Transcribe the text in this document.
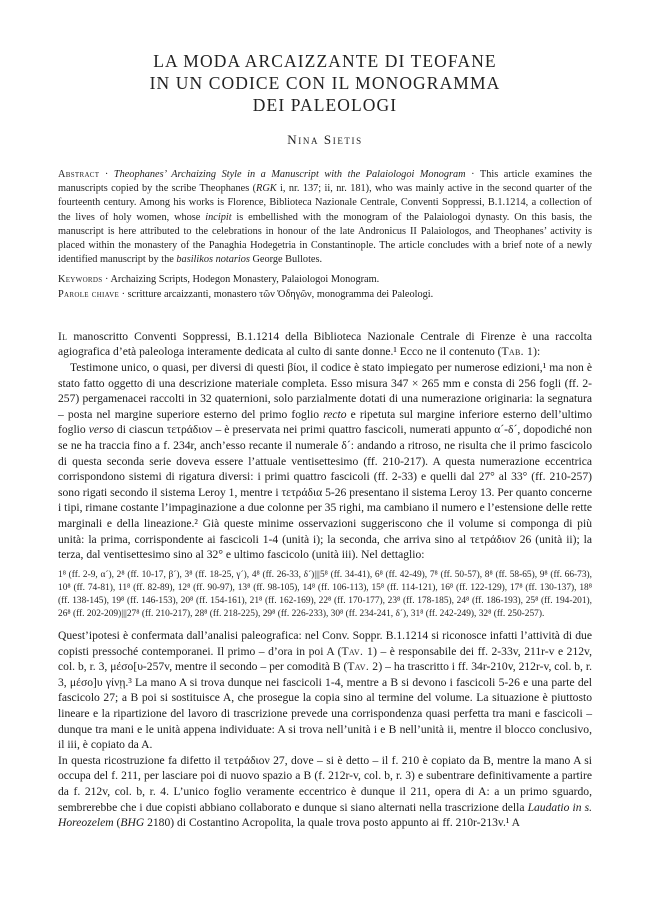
LA MODA ARCAIZZANTE DI TEOFANE
IN UN CODICE CON IL MONOGRAMMA
DEI PALEOLOGI
Nina Sietis

Abstract · Theophanes’ Archaizing Style in a Manuscript with the Palaiologoi Monogram · This article examines the manuscripts copied by the scribe Theophanes (RGK i, nr. 137; ii, nr. 181), who was mainly active in the second quarter of the fourteenth century. Among his works is Florence, Biblioteca Nazionale Centrale, Conventi Soppressi, B.1.1214, a collection of the lives of holy women, whose incipit is embellished with the monogram of the Palaiologoi dynasty. On this basis, the manuscript is here attributed to the celebrations in honour of the late Andronicus II Palaiologos, and Theophanes’ activity is placed within the monastery of the Panaghia Hodegetria in Constantinople. The article concludes with a brief note of a newly identified manuscript by the basilikos notarios George Bullotes.

Keywords · Archaizing Scripts, Hodegon Monastery, Palaiologoi Monogram.

Parole chiave · scritture arcaizzanti, monastero τῶν Ὁδηγῶν, monogramma dei Paleologi.

Il manoscritto Conventi Soppressi, B.1.1214 della Biblioteca Nazionale Centrale di Firenze è una raccolta agiografica d’età paleologa interamente dedicata al culto di sante donne.¹ Ecco ne il contenuto (Tab. 1):

Testimone unico, o quasi, per diversi di questi βίοι, il codice è stato impiegato per numerose edizioni,¹ ma non è stato fatto oggetto di una descrizione materiale completa. Esso misura 347 × 265 mm e consta di 256 fogli (ff. 2-257) pergamenacei raccolti in 32 quaternioni, solo parzialmente dotati di una numerazione originaria: la segnatura – posta nel margine superiore esterno del primo foglio recto e ripetuta sul margine inferiore esterno dell’ultimo foglio verso di ciascun τετράδιον – è preservata nei primi quattro fascicoli, numerati appunto α´-δ´, dopodiché non se ne ha traccia fino a f. 234r, anch’esso recante il numerale δ´: andando a ritroso, ne risulta che il primo fascicolo di questa seconda serie doveva essere l’attuale ventisettesimo (ff. 210-217). A questa numerazione eccentrica corrispondono sistemi di rigatura diversi: i primi quattro fascicoli (ff. 2-33) e quelli dal 27° al 33° (ff. 210-257) sono rigati secondo il sistema Leroy 1, mentre i τετράδια 5-26 presentano il sistema Leroy 13. Per quanto concerne i tipi, rimane costante l’impaginazione a due colonne per 35 righi, ma cambiano il numero e l’estensione delle rette marginali e della lineazione.² Già queste minime osservazioni suggeriscono che il volume si componga di più unità: la prima, corrispondente ai fascicoli 1-4 (unità i); la seconda, che arriva sino al τετράδιον 26 (unità ii); la terza, dal ventisettesimo sino al 32° e ultimo fascicolo (unità iii). Nel dettaglio:

1⁸ (ff. 2-9, α´), 2⁸ (ff. 10-17, β´), 3⁸ (ff. 18-25, γ´), 4⁸ (ff. 26-33, δ´)|||5⁸ (ff. 34-41), 6⁸ (ff. 42-49), 7⁸ (ff. 50-57), 8⁸ (ff. 58-65), 9⁸ (ff. 66-73), 10⁸ (ff. 74-81), 11⁸ (ff. 82-89), 12⁸ (ff. 90-97), 13⁸ (ff. 98-105), 14⁸ (ff. 106-113), 15⁸ (ff. 114-121), 16⁸ (ff. 122-129), 17⁸ (ff. 130-137), 18⁸ (ff. 138-145), 19⁸ (ff. 146-153), 20⁸ (ff. 154-161), 21⁸ (ff. 162-169), 22⁸ (ff. 170-177), 23⁸ (ff. 178-185), 24⁸ (ff. 186-193), 25⁸ (ff. 194-201), 26⁸ (ff. 202-209)|||27⁸ (ff. 210-217), 28⁸ (ff. 218-225), 29⁸ (ff. 226-233), 30⁸ (ff. 234-241, δ´), 31⁸ (ff. 242-249), 32⁸ (ff. 250-257).

Quest’ipotesi è confermata dall’analisi paleografica: nel Conv. Soppr. B.1.1214 si riconosce infatti l’attività di due copisti pressoché contemporanei. Il primo – d’ora in poi A (Tav. 1) – è responsabile dei ff. 2-33v, 211r-v e 212v, col. b, r. 3, μέσο[υ-257v, mentre il secondo – per comodità B (Tav. 2) – ha trascritto i ff. 34r-210v, 212r-v, col. b, r. 3, μέσο]υ γίνῃ.³ La mano A si trova dunque nei fascicoli 1-4, mentre a B si devono i fascicoli 5-26 e una parte del fascicolo 27; a B poi si sostituisce A, che prosegue la copia sino al termine del volume. La situazione è piuttosto lineare e la ripartizione del lavoro di trascrizione prevede una corrispondenza quasi perfetta tra mani e fascicoli – dunque tra mani e le unità appena individuate: A si trova nell’unità i e B nell’unità ii, mentre il blocco conclusivo, il iii, è copiato da A.

In questa ricostruzione fa difetto il τετράδιον 27, dove – si è detto – il f. 210 è copiato da B, mentre la mano A si occupa del f. 211, per lasciare poi di nuovo spazio a B (f. 212r-v, col. b, r. 3) e subentrare definitivamente a partire da f. 212v, col. b, r. 4. L’unico foglio veramente eccentrico è dunque il 211, opera di A: a un primo sguardo, sembrerebbe che i due copisti abbiano collaborato e dunque si siano alternati nella trascrizione della Laudatio in s. Horeozelem (BHG 2180) di Costantino Acropolita, la quale trova posto appunto ai ff. 210r-213v.¹ A
